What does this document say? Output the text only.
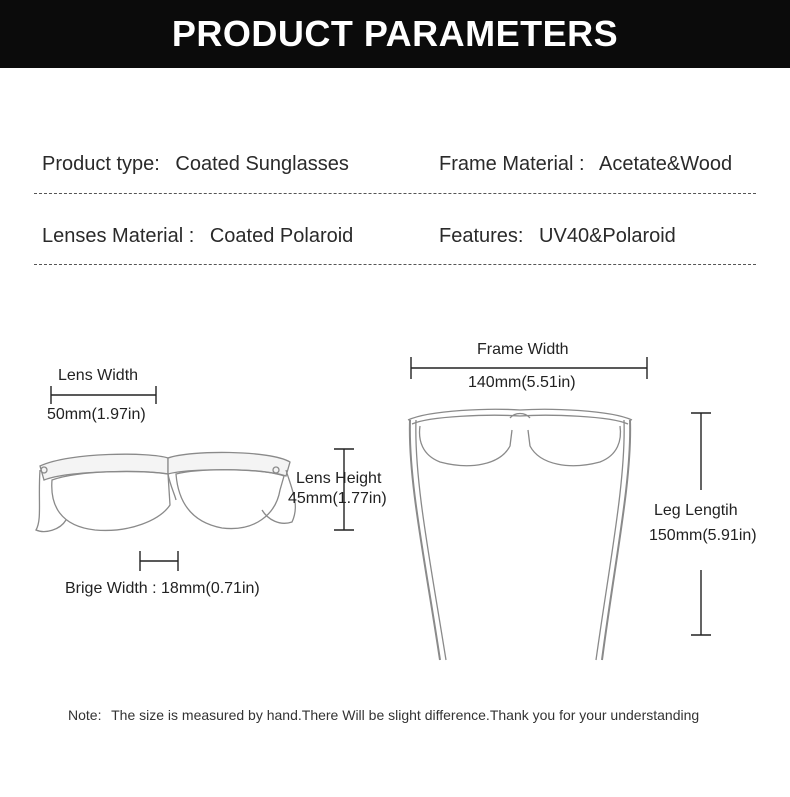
PRODUCT PARAMETERS
Product type: Coated Sunglasses	Frame Material : Acetate&Wood
Lenses Material : Coated Polaroid	Features: UV40&Polaroid
Lens Width
50mm(1.97in)
Lens Height
45mm(1.77in)
Brige Width : 18mm(0.71in)
Frame Width
140mm(5.51in)
Leg Lengtih
150mm(5.91in)
Note: The size is measured by hand.There Will be slight difference.Thank you for your understanding
